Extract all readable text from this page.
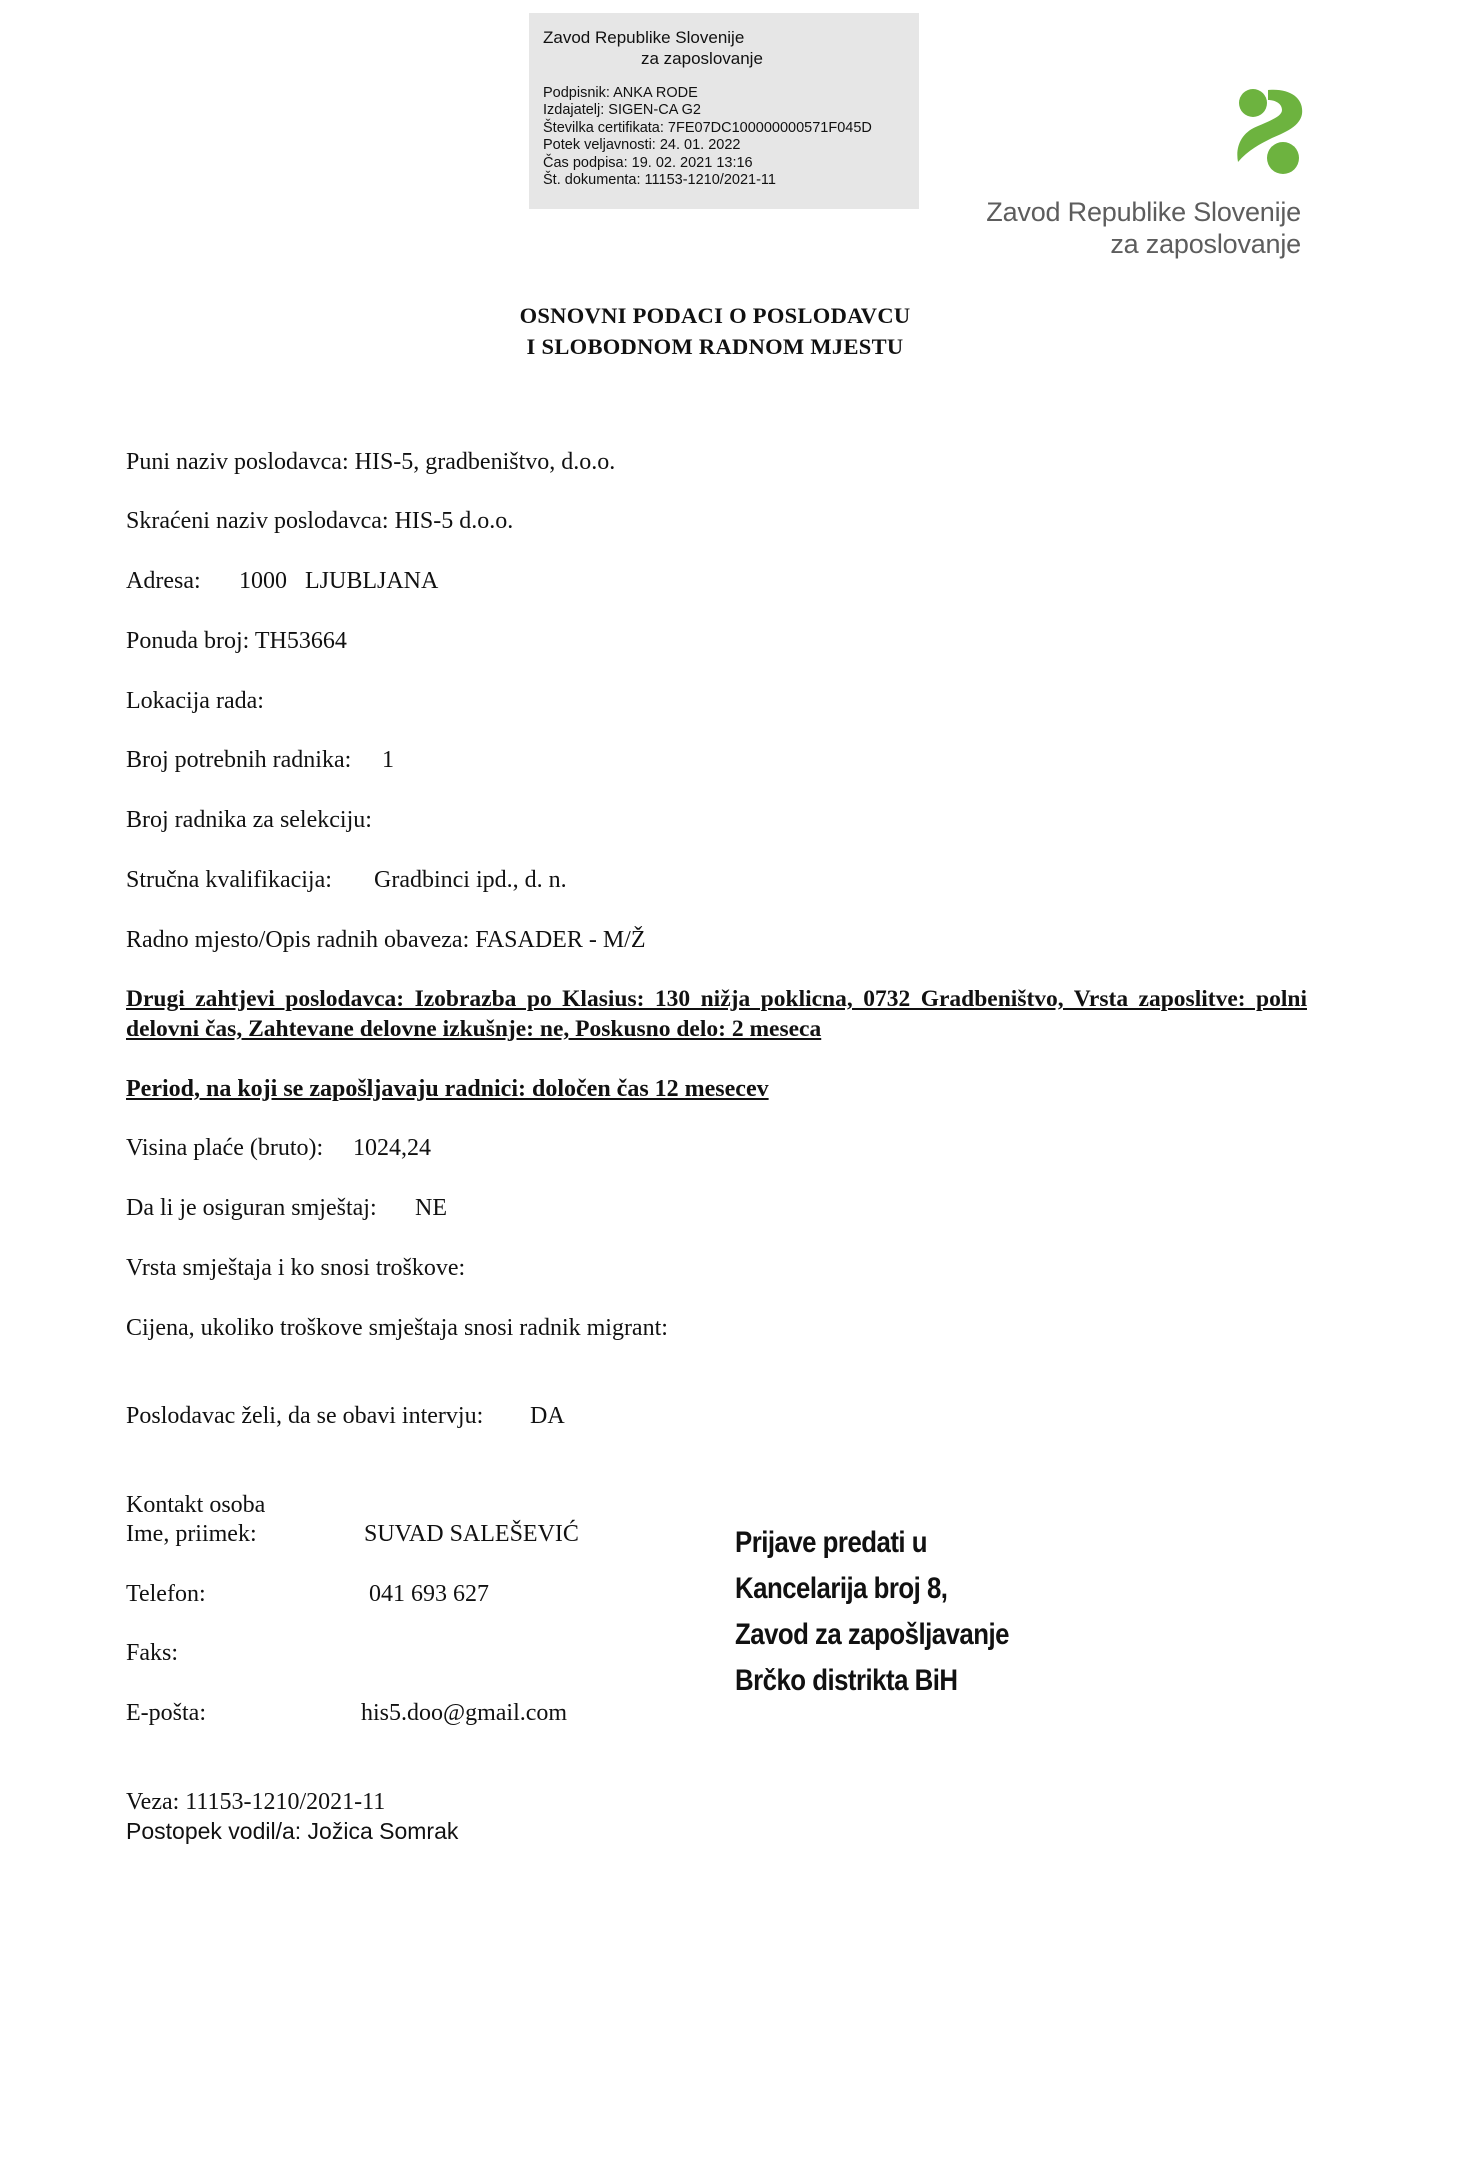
Zavod Republike Slovenije
za zaposlovanje
Podpisnik: ANKA RODE
Izdajatelj: SIGEN-CA G2
Številka certifikata: 7FE07DC100000000571F045D
Potek veljavnosti: 24. 01. 2022
Čas podpisa: 19. 02. 2021 13:16
Št. dokumenta: 11153-1210/2021-11
Zavod Republike Slovenije
za zaposlovanje
OSNOVNI PODACI O POSLODAVCU
I SLOBODNOM RADNOM MJESTU
Puni naziv poslodavca: HIS-5, gradbeništvo, d.o.o.
Skraćeni naziv poslodavca: HIS-5 d.o.o.
Adresa: 1000   LJUBLJANA
Ponuda broj: TH53664
Lokacija rada:
Broj potrebnih radnika: 1
Broj radnika za selekciju:
Stručna kvalifikacija: Gradbinci ipd., d. n.
Radno mjesto/Opis radnih obaveza: FASADER - M/Ž
Drugi zahtjevi poslodavca: Izobrazba po Klasius: 130 nižja poklicna, 0732 Gradbeništvo, Vrsta zaposlitve: polni delovni čas, Zahtevane delovne izkušnje: ne, Poskusno delo: 2 meseca
Period, na koji se zapošljavaju radnici: določen čas 12 mesecev
Visina plaće (bruto): 1024,24
Da li je osiguran smještaj: NE
Vrsta smještaja i ko snosi troškove:
Cijena, ukoliko troškove smještaja snosi radnik migrant:
Poslodavac želi, da se obavi intervju: DA
Kontakt osoba
Ime, priimek:	SUVAD SALEŠEVIĆ
Telefon:	041 693 627
Faks:
E-pošta:	his5.doo@gmail.com
Prijave predati u
Kancelarija broj 8,
Zavod za zapošljavanje
Brčko distrikta BiH
Veza: 11153-1210/2021-11
Postopek vodil/a: Jožica Somrak
